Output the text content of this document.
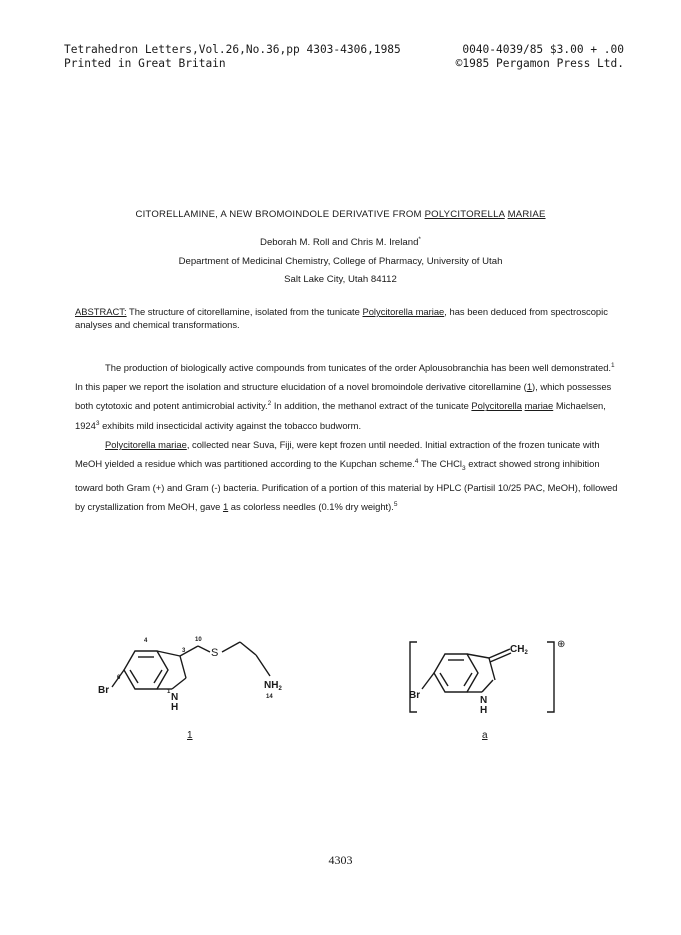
Tetrahedron Letters,Vol.26,No.36,pp 4303-4306,1985	0040-4039/85 $3.00 + .00
Printed in Great Britain	©1985 Pergamon Press Ltd.
CITORELLAMINE, A NEW BROMOINDOLE DERIVATIVE FROM POLYCITORELLA MARIAE
Deborah M. Roll and Chris M. Ireland*
Department of Medicinal Chemistry, College of Pharmacy, University of Utah
Salt Lake City, Utah 84112
ABSTRACT: The structure of citorellamine, isolated from the tunicate Polycitorella mariae, has been deduced from spectroscopic analyses and chemical transformations.

The production of biologically active compounds from tunicates of the order Aplousobranchia has been well demonstrated.$^1$ In this paper we report the isolation and structure elucidation of a novel bromoindole derivative citorellamine (1), which possesses both cytotoxic and potent antimicrobial activity.$^2$ In addition, the methanol extract of the tunicate Polycitorella mariae Michaelsen, 1924$^3$ exhibits mild insecticidal activity against the tobacco budworm.

Polycitorella mariae, collected near Suva, Fiji, were kept frozen until needed. Initial extraction of the frozen tunicate with MeOH yielded a residue which was partitioned according to the Kupchan scheme.$^4$ The CHCl$_3$ extract showed strong inhibition toward both Gram (+) and Gram (-) bacteria. Purification of a portion of this material by HPLC (Partisil 10/25 PAC, MeOH), followed by crystallization from MeOH, gave 1 as colorless needles (0.1% dry weight).$^5$

Br
S
N
H
$NH_2$
4
3
10
6
1
14
1
Br
$CH_2$
N
H
⊕
a
4303
